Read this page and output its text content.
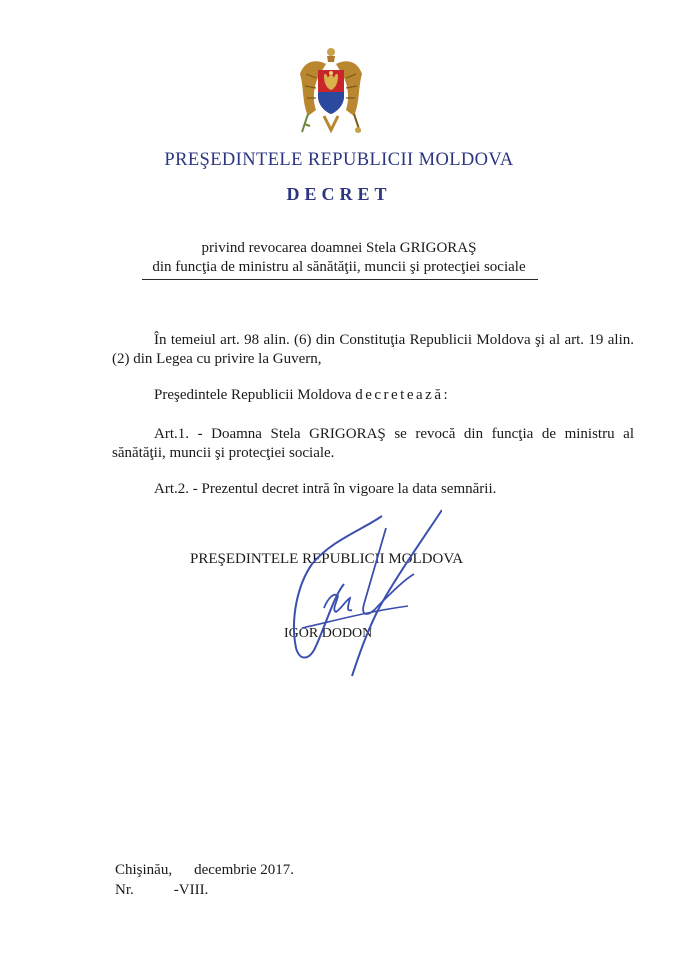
PREŞEDINTELE REPUBLICII MOLDOVA
DECRET
privind revocarea doamnei Stela GRIGORAŞ
din funcţia de ministru al sănătăţii, muncii şi protecţiei sociale
În temeiul art. 98 alin. (6) din Constituţia Republicii Moldova şi al art. 19 alin. (2) din Legea cu privire la Guvern,
Preşedintele Republicii Moldova decretează:
Art.1. - Doamna Stela GRIGORAŞ se revocă din funcţia de ministru al sănătăţii, muncii şi protecţiei sociale.
Art.2. - Prezentul decret intră în vigoare la data semnării.
PREŞEDINTELE REPUBLICII MOLDOVA
IGOR DODON
Chişinău, decembrie 2017.
Nr.	-VIII.
